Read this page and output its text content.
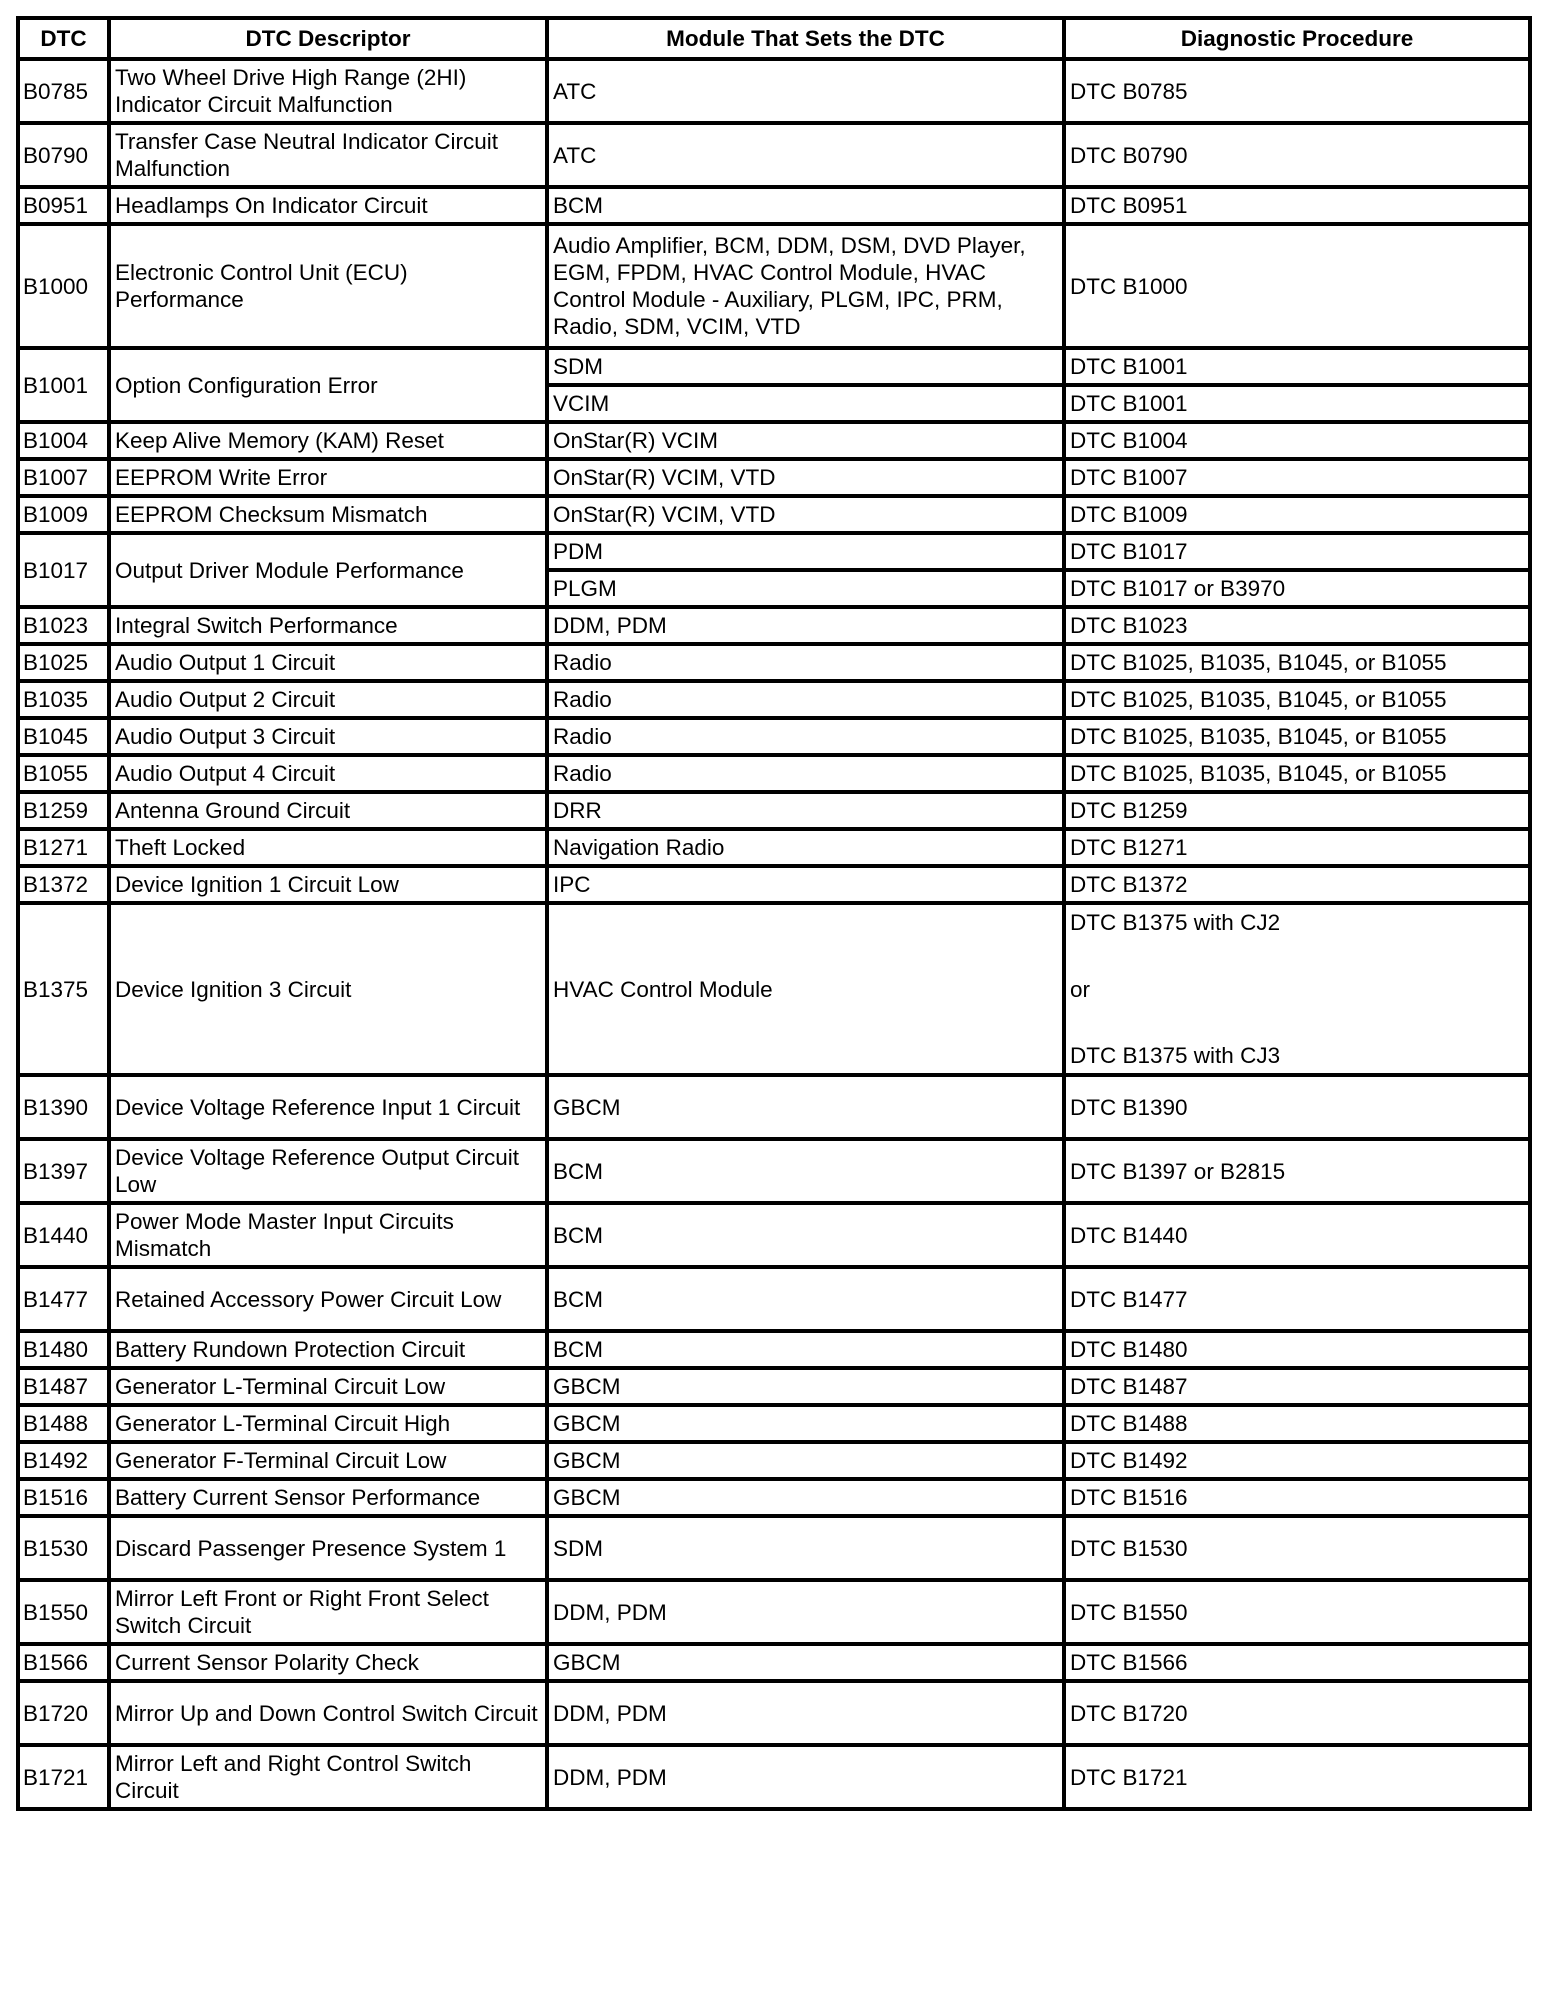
DTC	DTC Descriptor	Module That Sets the DTC	Diagnostic Procedure
B0785	Two Wheel Drive High Range (2HI) Indicator Circuit Malfunction	ATC	DTC B0785
B0790	Transfer Case Neutral Indicator Circuit Malfunction	ATC	DTC B0790
B0951	Headlamps On Indicator Circuit	BCM	DTC B0951
B1000	Electronic Control Unit (ECU) Performance	Audio Amplifier, BCM, DDM, DSM, DVD Player, EGM, FPDM, HVAC Control Module, HVAC Control Module - Auxiliary, PLGM, IPC, PRM, Radio, SDM, VCIM, VTD	DTC B1000
B1001	Option Configuration Error	SDM	DTC B1001
		VCIM	DTC B1001
B1004	Keep Alive Memory (KAM) Reset	OnStar(R) VCIM	DTC B1004
B1007	EEPROM Write Error	OnStar(R) VCIM, VTD	DTC B1007
B1009	EEPROM Checksum Mismatch	OnStar(R) VCIM, VTD	DTC B1009
B1017	Output Driver Module Performance	PDM	DTC B1017
		PLGM	DTC B1017 or B3970
B1023	Integral Switch Performance	DDM, PDM	DTC B1023
B1025	Audio Output 1 Circuit	Radio	DTC B1025, B1035, B1045, or B1055
B1035	Audio Output 2 Circuit	Radio	DTC B1025, B1035, B1045, or B1055
B1045	Audio Output 3 Circuit	Radio	DTC B1025, B1035, B1045, or B1055
B1055	Audio Output 4 Circuit	Radio	DTC B1025, B1035, B1045, or B1055
B1259	Antenna Ground Circuit	DRR	DTC B1259
B1271	Theft Locked	Navigation Radio	DTC B1271
B1372	Device Ignition 1 Circuit Low	IPC	DTC B1372
B1375	Device Ignition 3 Circuit	HVAC Control Module	DTC B1375 with CJ2
or
DTC B1375 with CJ3

B1390	Device Voltage Reference Input 1 Circuit	GBCM	DTC B1390
B1397	Device Voltage Reference Output Circuit Low	BCM	DTC B1397 or B2815
B1440	Power Mode Master Input Circuits Mismatch	BCM	DTC B1440
B1477	Retained Accessory Power Circuit Low	BCM	DTC B1477
B1480	Battery Rundown Protection Circuit	BCM	DTC B1480
B1487	Generator L-Terminal Circuit Low	GBCM	DTC B1487
B1488	Generator L-Terminal Circuit High	GBCM	DTC B1488
B1492	Generator F-Terminal Circuit Low	GBCM	DTC B1492
B1516	Battery Current Sensor Performance	GBCM	DTC B1516
B1530	Discard Passenger Presence System 1	SDM	DTC B1530
B1550	Mirror Left Front or Right Front Select Switch Circuit	DDM, PDM	DTC B1550
B1566	Current Sensor Polarity Check	GBCM	DTC B1566
B1720	Mirror Up and Down Control Switch Circuit	DDM, PDM	DTC B1720
B1721	Mirror Left and Right Control Switch Circuit	DDM, PDM	DTC B1721
